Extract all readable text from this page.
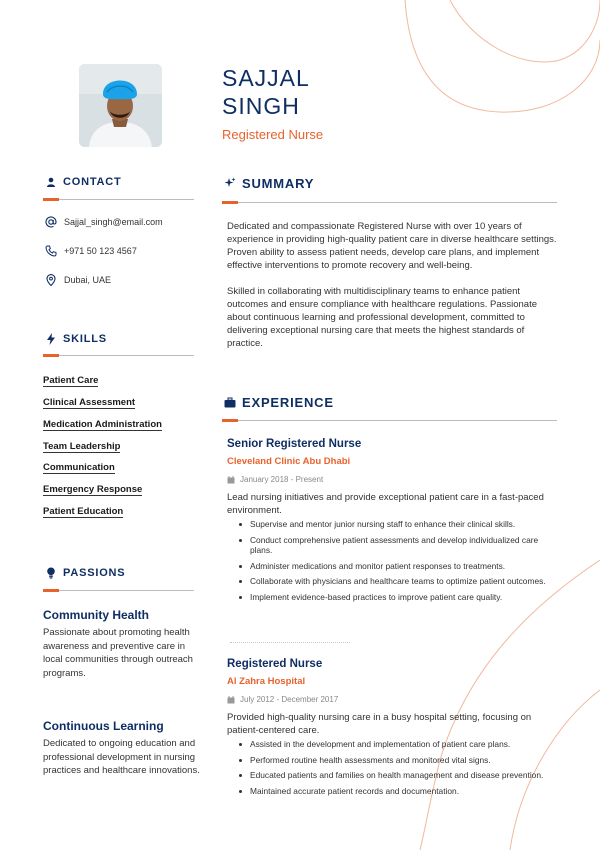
SAJJAL
SINGH
Registered Nurse
CONTACT
Sajjal_singh@email.com
+971 50 123 4567
Dubai, UAE
SKILLS
Patient Care
Clinical Assessment
Medication Administration
Team Leadership
Communication
Emergency Response
Patient Education
PASSIONS
Community Health
Passionate about promoting health awareness and preventive care in local communities through outreach programs.
Continuous Learning
Dedicated to ongoing education and professional development in nursing practices and healthcare innovations.
SUMMARY
Dedicated and compassionate Registered Nurse with over 10 years of experience in providing high-quality patient care in diverse healthcare settings. Proven ability to assess patient needs, develop care plans, and implement effective interventions to promote recovery and well-being.
Skilled in collaborating with multidisciplinary teams to enhance patient outcomes and ensure compliance with healthcare regulations. Passionate about continuous learning and professional development, committed to delivering exceptional nursing care that meets the highest standards of practice.
EXPERIENCE
Senior Registered Nurse
Cleveland Clinic Abu Dhabi
January 2018 - Present
Lead nursing initiatives and provide exceptional patient care in a fast-paced environment.
Supervise and mentor junior nursing staff to enhance their clinical skills.
Conduct comprehensive patient assessments and develop individualized care plans.
Administer medications and monitor patient responses to treatments.
Collaborate with physicians and healthcare teams to optimize patient outcomes.
Implement evidence-based practices to improve patient care quality.
Registered Nurse
Al Zahra Hospital
July 2012 - December 2017
Provided high-quality nursing care in a busy hospital setting, focusing on patient-centered care.
Assisted in the development and implementation of patient care plans.
Performed routine health assessments and monitored vital signs.
Educated patients and families on health management and disease prevention.
Maintained accurate patient records and documentation.
